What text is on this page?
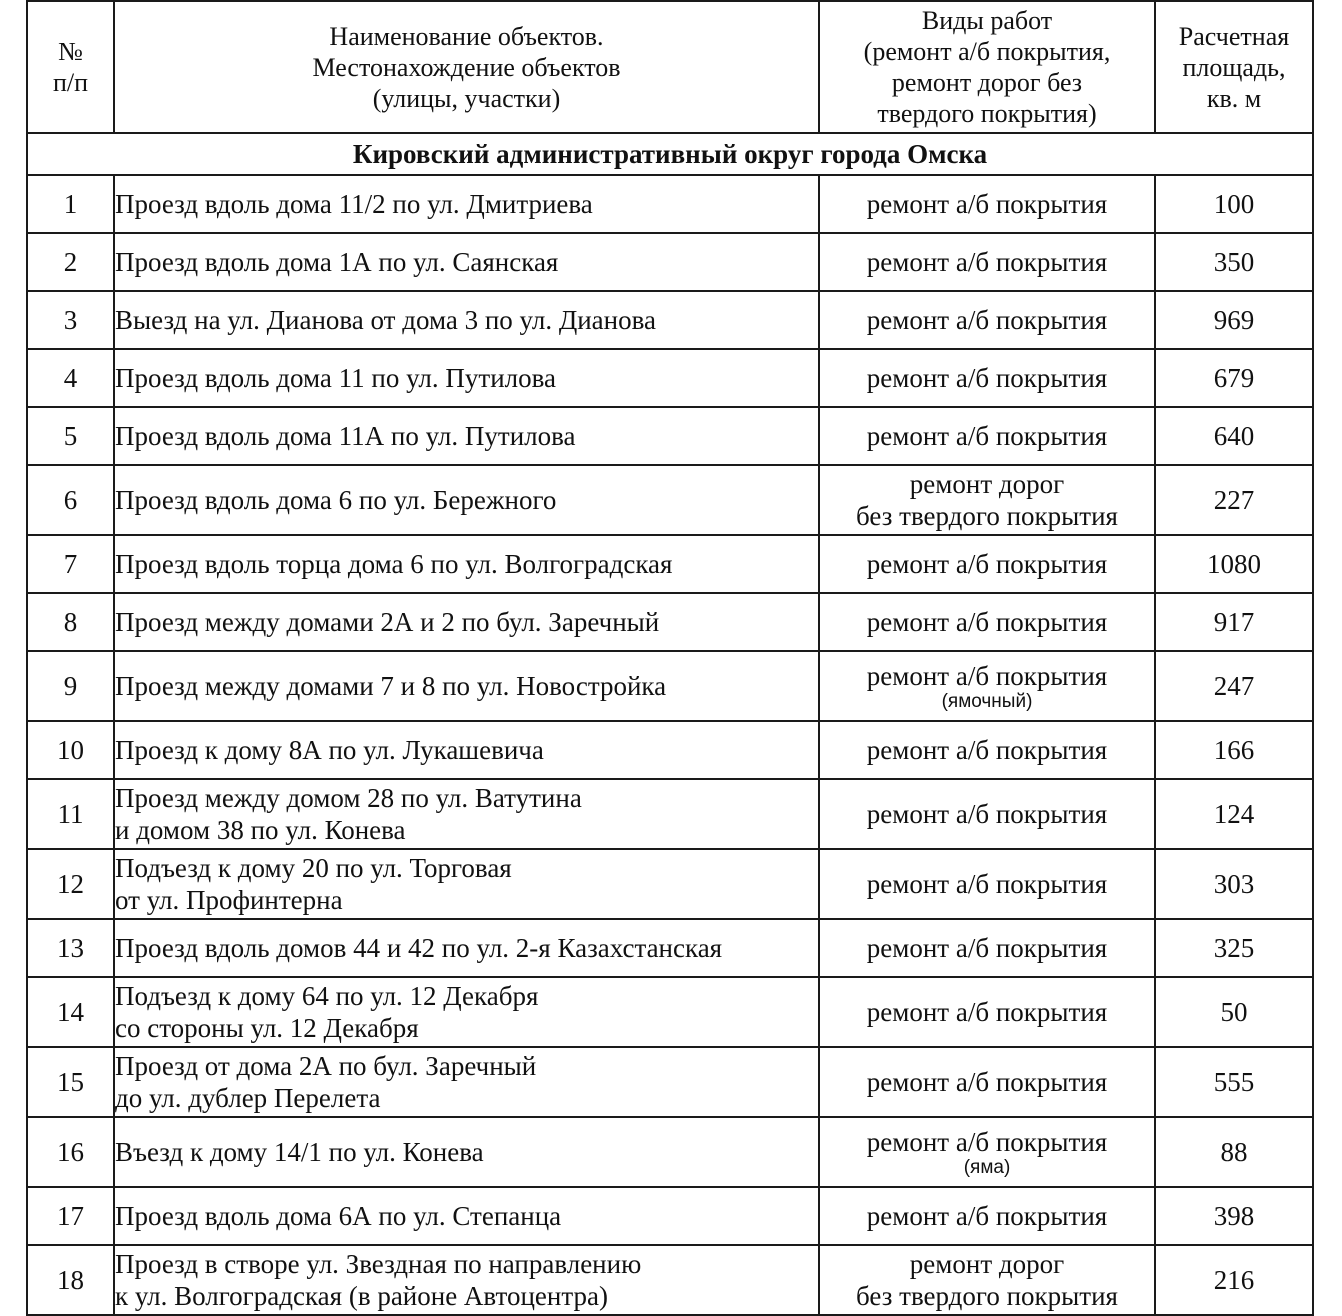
№
п/п	Наименование объектов.
Местонахождение объектов
(улицы, участки)	Виды работ
(ремонт а/б покрытия,
ремонт дорог без
твердого покрытия)	Расчетная
площадь,
кв. м

Кировский административный округ города Омска			
1	Проезд вдоль дома 11/2 по ул. Дмитриева	ремонт а/б покрытия	100
2	Проезд вдоль дома 1А по ул. Саянская	ремонт а/б покрытия	350
3	Выезд на ул. Дианова от дома 3 по ул. Дианова	ремонт а/б покрытия	969
4	Проезд вдоль дома 11 по ул. Путилова	ремонт а/б покрытия	679
5	Проезд вдоль дома 11А по ул. Путилова	ремонт а/б покрытия	640
6	Проезд вдоль дома 6 по ул. Бережного	ремонт дорог
без твердого покрытия	227
7	Проезд вдоль торца дома 6 по ул. Волгоградская	ремонт а/б покрытия	1080
8	Проезд между домами 2А и 2 по бул. Заречный	ремонт а/б покрытия	917
9	Проезд между домами 7 и 8 по ул. Новостройка	ремонт а/б покрытия
(ямочный)	247
10	Проезд к дому 8А по ул. Лукашевича	ремонт а/б покрытия	166
11	Проезд между домом 28 по ул. Ватутина
и домом 38 по ул. Конева	ремонт а/б покрытия	124
12	Подъезд к дому 20 по ул. Торговая
от ул. Профинтерна	ремонт а/б покрытия	303
13	Проезд вдоль домов 44 и 42 по ул. 2-я Казахстанская	ремонт а/б покрытия	325
14	Подъезд к дому 64 по ул. 12 Декабря
со стороны ул. 12 Декабря	ремонт а/б покрытия	50
15	Проезд от дома 2А по бул. Заречный
до ул. дублер Перелета	ремонт а/б покрытия	555
16	Въезд к дому 14/1 по ул. Конева	ремонт а/б покрытия
(яма)	88
17	Проезд вдоль дома 6А по ул. Степанца	ремонт а/б покрытия	398
18	Проезд в створе ул. Звездная по направлению
к ул. Волгоградская (в районе Автоцентра)	ремонт дорог
без твердого покрытия	216
